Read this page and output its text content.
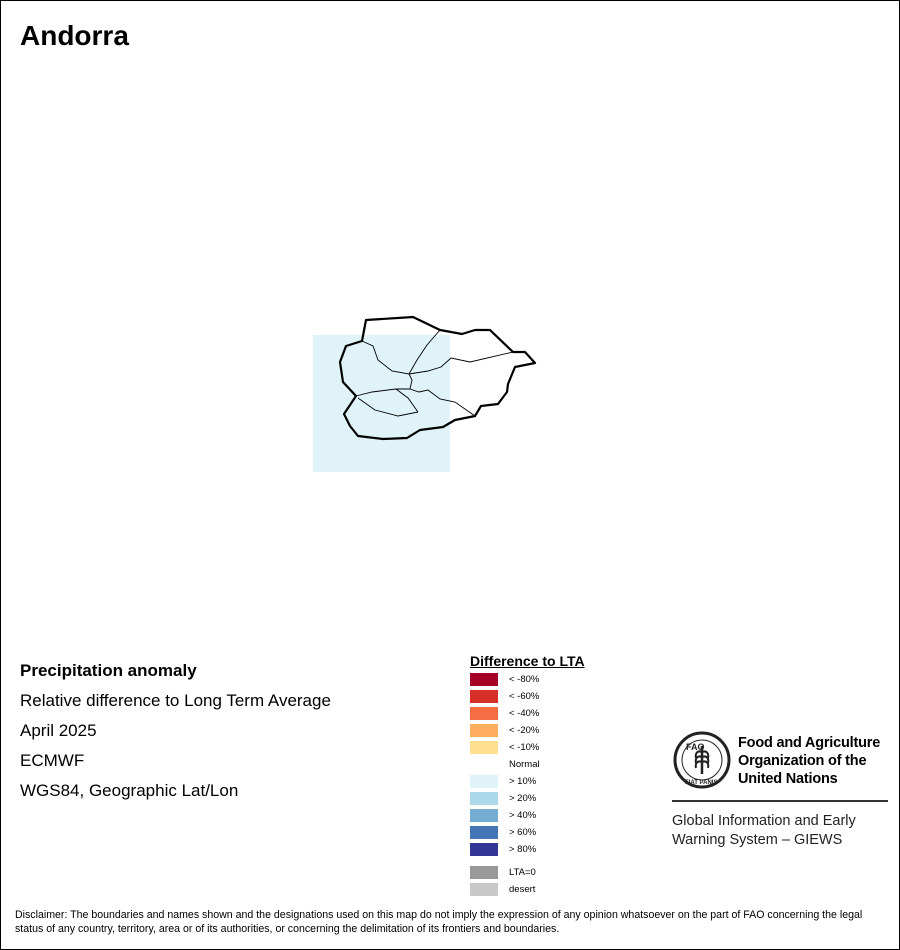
Andorra
Precipitation anomaly
Relative difference to Long Term Average
April 2025
ECMWF
WGS84, Geographic Lat/Lon
Difference to LTA
< -80%
< -60%
< -40%
< -20%
< -10%
Normal
> 10%
> 20%
> 40%
> 60%
> 80%
LTA=0
desert
FAO
FIAT PANIS
Food and Agriculture
Organization of the
United Nations
Global Information and Early
Warning System – GIEWS
Disclaimer: The boundaries and names shown and the designations used on this map do not imply the expression of any opinion whatsoever on the part of FAO concerning the legal status of any country, territory, area or of its authorities, or concerning the delimitation of its frontiers and boundaries.
